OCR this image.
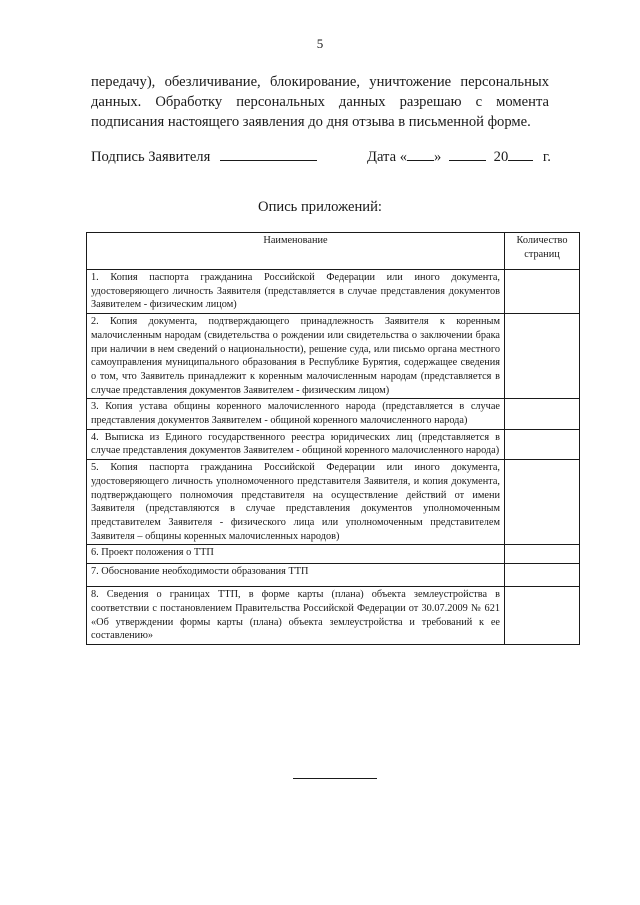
5

передачу), обезличивание, блокирование, уничтожение персональных данных. Обработку персональных данных разрешаю с момента подписания настоящего заявления до дня отзыва в письменной форме.

Подпись Заявителя	Дата « »	20 г.
Опись приложений:
Наименование	Количество страниц
1. Копия паспорта гражданина Российской Федерации или иного документа, удостоверяющего личность Заявителя (представляется в случае представления документов Заявителем - физическим лицом)	
2. Копия документа, подтверждающего принадлежность Заявителя к коренным малочисленным народам (свидетельства о рождении или свидетельства о заключении брака при наличии в нем сведений о национальности), решение суда, или письмо органа местного самоуправления муниципального образования в Республике Бурятия, содержащее сведения о том, что Заявитель принадлежит к коренным малочисленным народам (представляется в случае представления документов Заявителем - физическим лицом)	
3. Копия устава общины коренного малочисленного народа (представляется в случае представления документов Заявителем - общиной коренного малочисленного народа)	
4. Выписка из Единого государственного реестра юридических лиц (представляется в случае представления документов Заявителем - общиной коренного малочисленного народа)	
5. Копия паспорта гражданина Российской Федерации или иного документа, удостоверяющего личность уполномоченного представителя Заявителя, и копия документа, подтверждающего полномочия представителя на осуществление действий от имени Заявителя (представляются в случае представления документов уполномоченным представителем Заявителя - физического лица или уполномоченным представителем Заявителя – общины коренных малочисленных народов)	
6. Проект положения о ТТП	
7. Обоснование необходимости образования ТТП	
8. Сведения о границах ТТП, в форме карты (плана) объекта землеустройства в соответствии с постановлением Правительства Российской Федерации от 30.07.2009 № 621 «Об утверждении формы карты (плана) объекта землеустройства и требований к ее составлению»	
